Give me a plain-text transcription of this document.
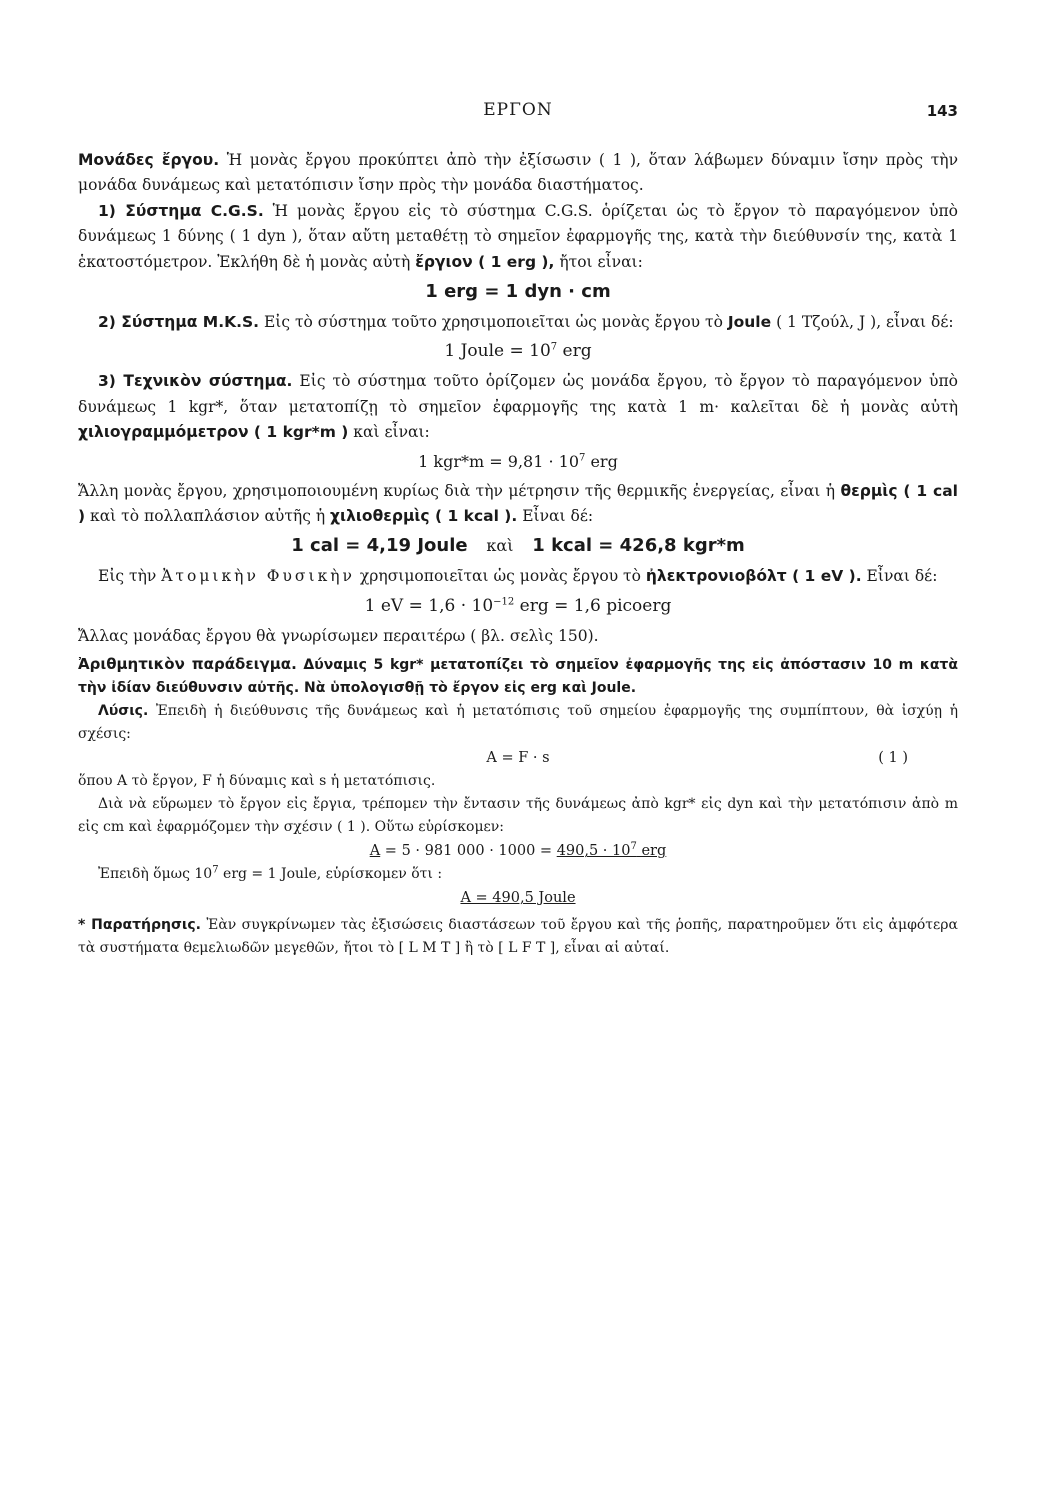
ΕΡΓΟΝ	143

Μονάδες ἔργου. Ἡ μονὰς ἔργου προκύπτει ἀπὸ τὴν ἐξίσωσιν ( 1 ), ὅταν λάβωμεν δύναμιν ἴσην πρὸς τὴν μονάδα δυνάμεως καὶ μετατόπισιν ἴσην πρὸς τὴν μονάδα διαστήματος.

1) Σύστημα C.G.S. Ἡ μονὰς ἔργου εἰς τὸ σύστημα C.G.S. ὁρίζεται ὡς τὸ ἔργον τὸ παραγόμενον ὑπὸ δυνάμεως 1 δύνης ( 1 dyn ), ὅταν αὔτη μεταθέτῃ τὸ σημεῖον ἐφαρμογῆς της, κατὰ τὴν διεύθυνσίν της, κατὰ 1 ἑκατοστόμετρον. Ἐκλήθη δὲ ἡ μονὰς αὐτὴ ἔργιον ( 1 erg ), ἤτοι εἶναι:

1 erg = 1 dyn · cm

2) Σύστημα M.K.S. Εἰς τὸ σύστημα τοῦτο χρησιμοποιεῖται ὡς μονὰς ἔργου τὸ Joule ( 1 Τζούλ, J ), εἶναι δέ:

1 Joule = $10^7$ erg

3) Τεχνικὸν σύστημα. Εἰς τὸ σύστημα τοῦτο ὁρίζομεν ὡς μονάδα ἔργου, τὸ ἔργον τὸ παραγόμενον ὑπὸ δυνάμεως 1 kgr*, ὅταν μετατοπίζῃ τὸ σημεῖον ἐφαρμογῆς της κατὰ 1 m· καλεῖται δὲ ἡ μονὰς αὐτὴ χιλιογραμμόμετρον ( 1 kgr*m ) καὶ εἶναι:

1 $kgr*m = 9,81 \cdot 10^7$ erg

Ἄλλη μονὰς ἔργου, χρησιμοποιουμένη κυρίως διὰ τὴν μέτρησιν τῆς θερμικῆς ἐνεργείας, εἶναι ἡ θερμὶς ( 1 cal ) καὶ τὸ πολλαπλάσιον αὐτῆς ἡ χιλιοθερμὶς ( 1 kcal ). Εἶναι δέ:

1 cal = 4,19 Joule καὶ 1 kcal = 426,8 kgr*m

Εἰς τὴν Ἀτομικὴν Φυσικὴν χρησιμοποιεῖται ὡς μονὰς ἔργου τὸ ἠλεκτρονιοβόλτ ( 1 eV ). Εἶναι δέ:

1 eV = $1,6 \cdot 10^{-12}$ erg = 1,6 picoerg

Ἄλλας μονάδας ἔργου θὰ γνωρίσωμεν περαιτέρω ( βλ. σελὶς 150).

Ἀριθμητικὸν παράδειγμα. Δύναμις 5 kgr* μετατοπίζει τὸ σημεῖον ἐφαρμογῆς της εἰς ἀπόστασιν 10 m κατὰ τὴν ἰδίαν διεύθυνσιν αὐτῆς. Νὰ ὑπολογισθῇ τὸ ἔργον εἰς erg καὶ Joule.

Λύσις. Ἐπειδὴ ἡ διεύθυνσις τῆς δυνάμεως καὶ ἡ μετατόπισις τοῦ σημείου ἐφαρμογῆς της συμπίπτουν, θὰ ἰσχύῃ ἡ σχέσις:

A = F · s	( 1 )

ὅπου A τὸ ἔργον, F ἡ δύναμις καὶ s ἡ μετατόπισις.

Διὰ νὰ εὕρωμεν τὸ ἔργον εἰς ἔργια, τρέπομεν τὴν ἔντασιν τῆς δυνάμεως ἀπὸ kgr* εἰς dyn καὶ τὴν μετατόπισιν ἀπὸ m εἰς cm καὶ ἐφαρμόζομεν τὴν σχέσιν ( 1 ). Οὕτω εὑρίσκομεν:

A = 5 · 981 $000 \cdot 1000 = 490,5 \cdot 10^7$ erg

Ἐπειδὴ ὅμως $10^7$ erg = 1 Joule, εὑρίσκομεν ὅτι :

A = 490,5 Joule

* Παρατήρησις. Ἐὰν συγκρίνωμεν τὰς ἐξισώσεις διαστάσεων τοῦ ἔργου καὶ τῆς ῥοπῆς, παρατηροῦμεν ὅτι εἰς ἀμφότερα τὰ συστήματα θεμελιωδῶν μεγεθῶν, ἤτοι τὸ [ L M T ] ἢ τὸ [ L F T ], εἶναι αἱ αὐταί.
